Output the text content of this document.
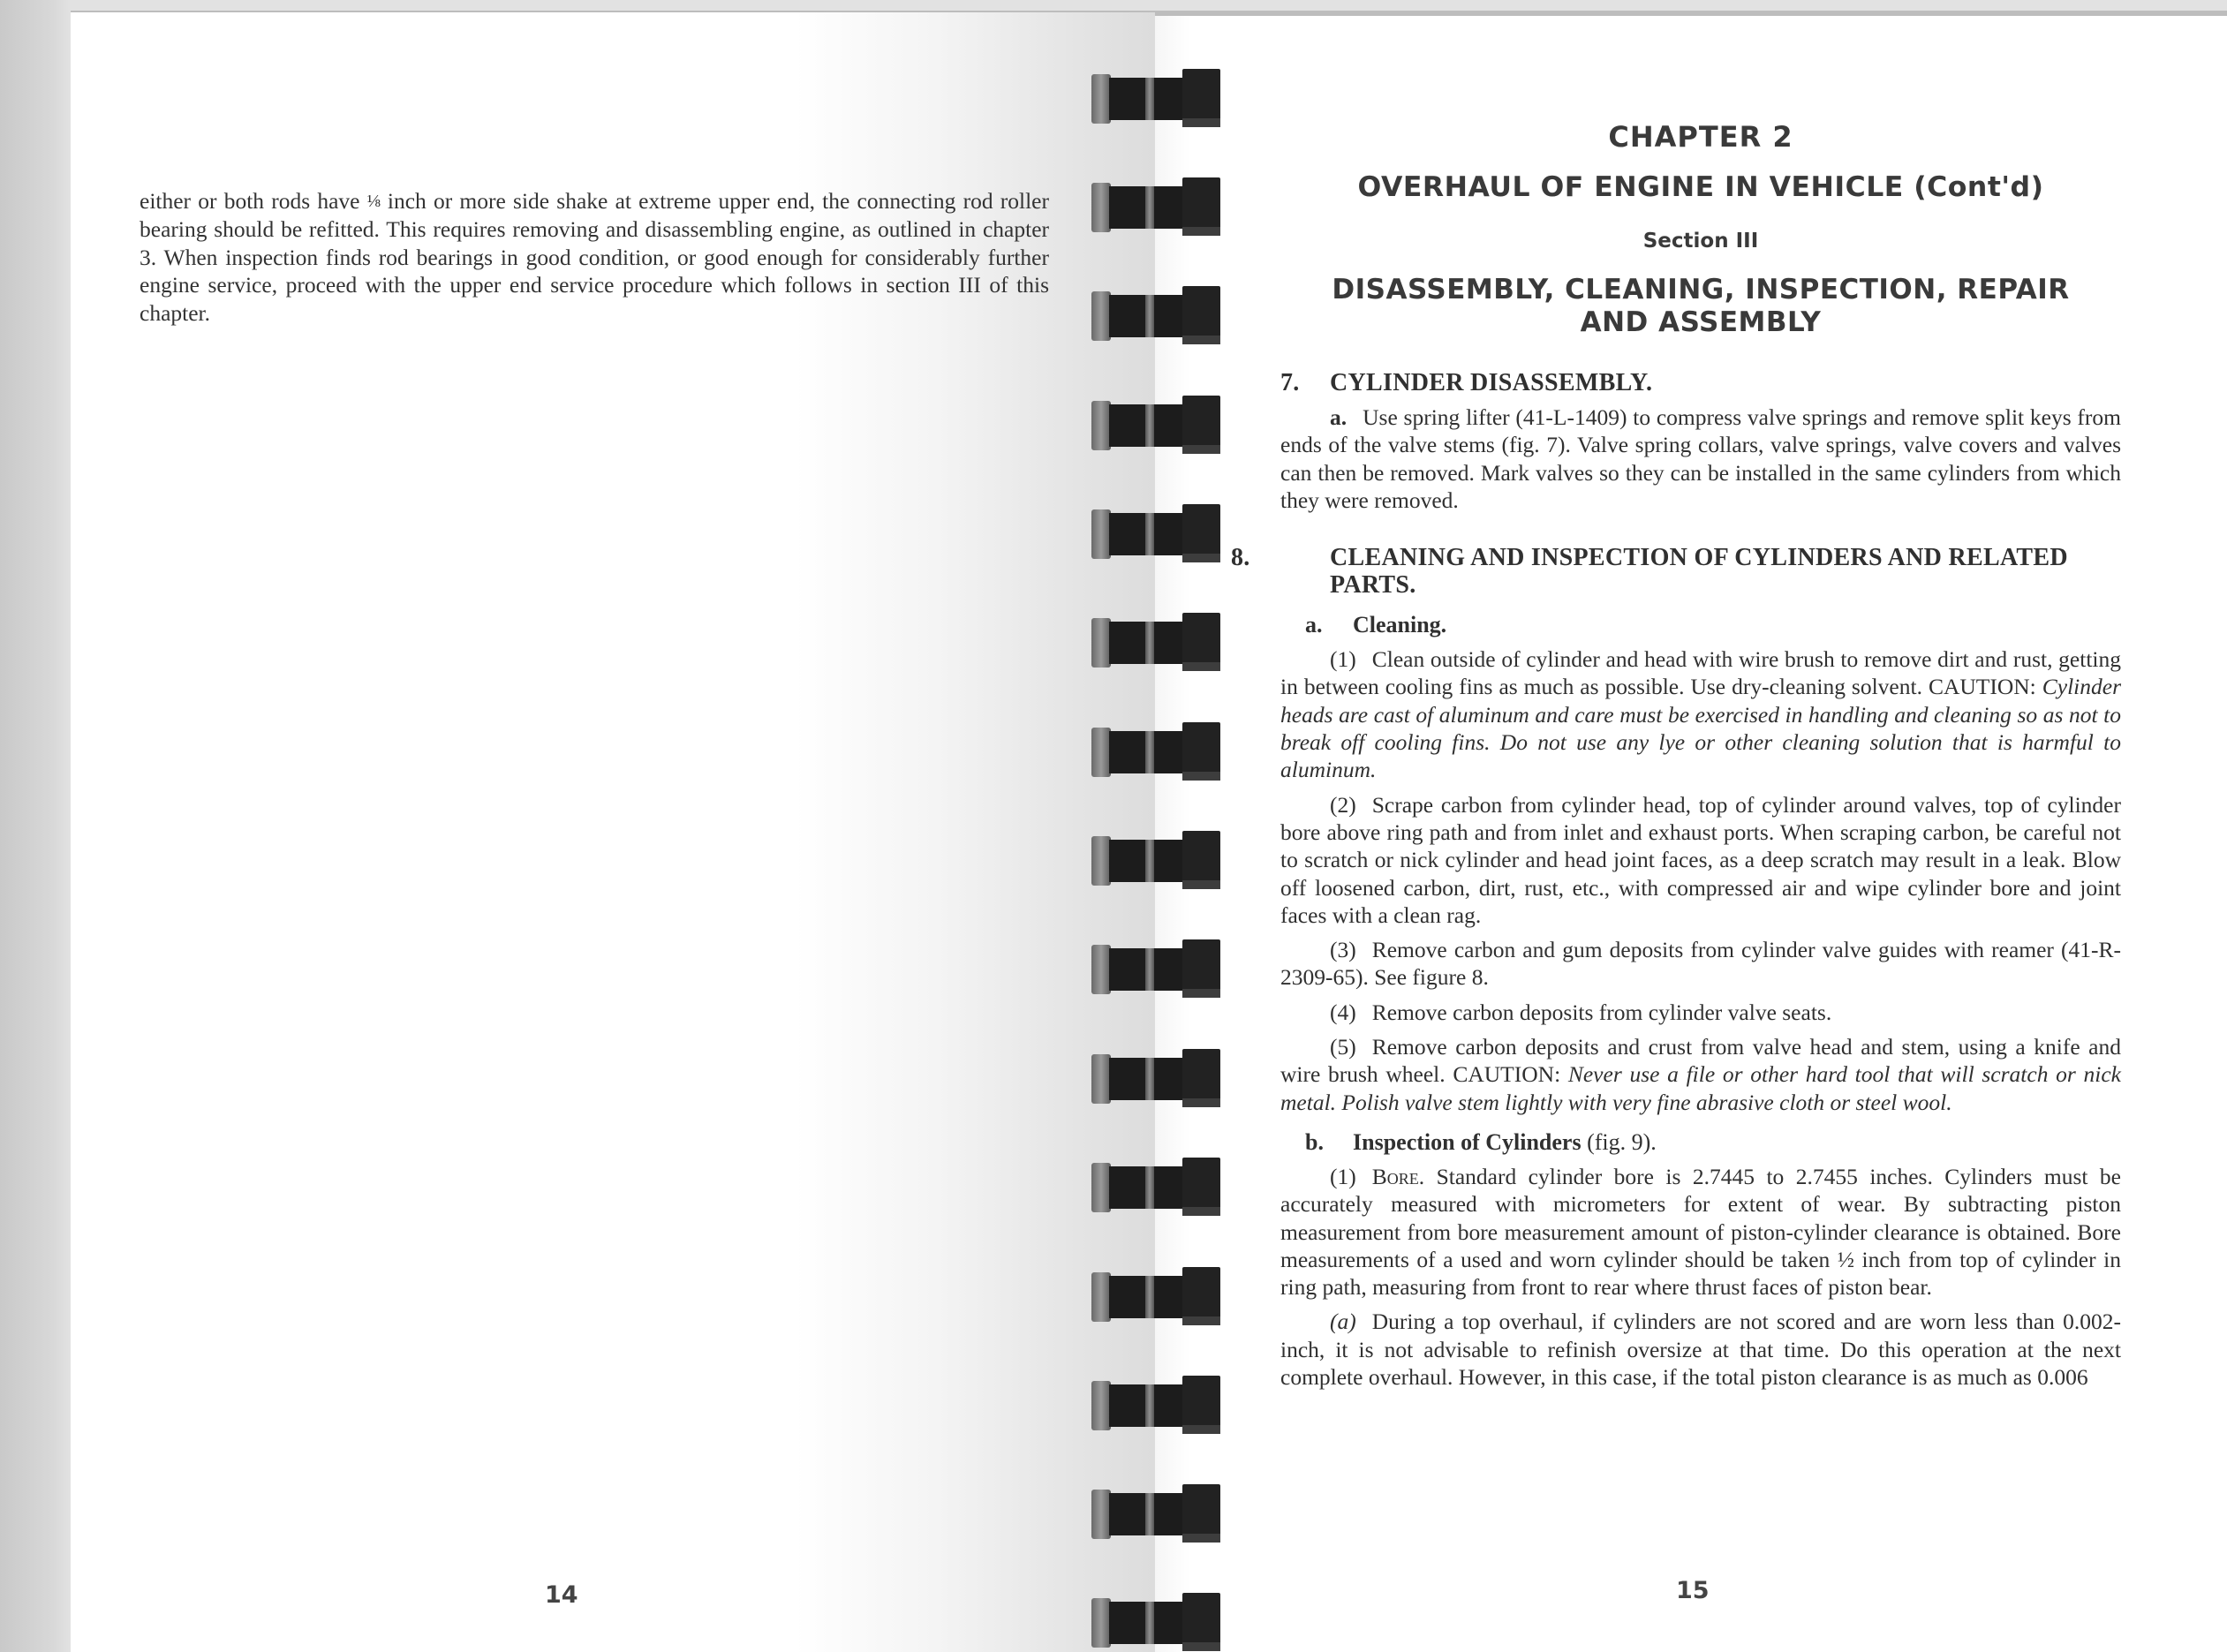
either or both rods have ⅛ inch or more side shake at extreme upper end, the connecting rod roller bearing should be refitted. This requires removing and disassembling engine, as outlined in chapter 3. When inspection finds rod bearings in good condition, or good enough for considerably further engine service, proceed with the upper end service procedure which follows in section III of this chapter.

14
CHAPTER 2
OVERHAUL OF ENGINE IN VEHICLE (Cont'd)
Section III
DISASSEMBLY, CLEANING, INSPECTION, REPAIR
AND ASSEMBLY
7. CYLINDER DISASSEMBLY.

a. Use spring lifter (41-L-1409) to compress valve springs and remove split keys from ends of the valve stems (fig. 7). Valve spring collars, valve springs, valve covers and valves can then be removed. Mark valves so they can be installed in the same cylinders from which they were removed.

8.	CLEANING AND INSPECTION OF CYLINDERS AND RELATED PARTS.
a. Cleaning.

(1) Clean outside of cylinder and head with wire brush to remove dirt and rust, getting in between cooling fins as much as possible. Use dry-cleaning solvent. CAUTION: Cylinder heads are cast of aluminum and care must be exercised in handling and cleaning so as not to break off cooling fins. Do not use any lye or other cleaning solution that is harmful to aluminum.

(2) Scrape carbon from cylinder head, top of cylinder around valves, top of cylinder bore above ring path and from inlet and exhaust ports. When scraping carbon, be careful not to scratch or nick cylinder and head joint faces, as a deep scratch may result in a leak. Blow off loosened carbon, dirt, rust, etc., with compressed air and wipe cylinder bore and joint faces with a clean rag.

(3) Remove carbon and gum deposits from cylinder valve guides with reamer (41-R-2309-65). See figure 8.

(4) Remove carbon deposits from cylinder valve seats.

(5) Remove carbon deposits and crust from valve head and stem, using a knife and wire brush wheel. CAUTION: Never use a file or other hard tool that will scratch or nick metal. Polish valve stem lightly with very fine abrasive cloth or steel wool.

b. Inspection of Cylinders (fig. 9).

(1) Bore. Standard cylinder bore is 2.7445 to 2.7455 inches. Cylinders must be accurately measured with micrometers for extent of wear. By subtracting piston measurement from bore measurement amount of piston-cylinder clearance is obtained. Bore measurements of a used and worn cylinder should be taken ½ inch from top of cylinder in ring path, measuring from front to rear where thrust faces of piston bear.

(a) During a top overhaul, if cylinders are not scored and are worn less than 0.002-inch, it is not advisable to refinish oversize at that time. Do this operation at the next complete overhaul. However, in this case, if the total piston clearance is as much as 0.006

15
